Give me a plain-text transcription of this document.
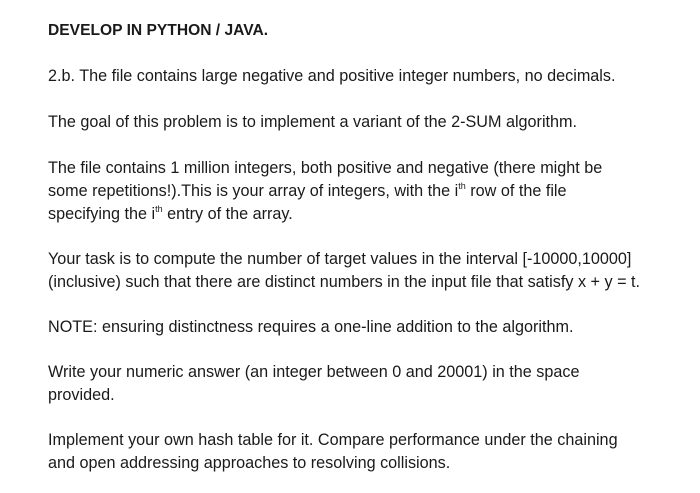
DEVELOP IN PYTHON / JAVA.
2.b. The file contains large negative and positive integer numbers, no decimals.
The goal of this problem is to implement a variant of the 2-SUM algorithm.
The file contains 1 million integers, both positive and negative (there might be
some repetitions!).This is your array of integers, with the $i^{th}$ row of the file
specifying the $i^{th}$ entry of the array.
Your task is to compute the number of target values in the interval [-10000,10000]
(inclusive) such that there are distinct numbers in the input file that satisfy x + y = t.
NOTE: ensuring distinctness requires a one-line addition to the algorithm.
Write your numeric answer (an integer between 0 and 20001) in the space
provided.
Implement your own hash table for it. Compare performance under the chaining
and open addressing approaches to resolving collisions.
